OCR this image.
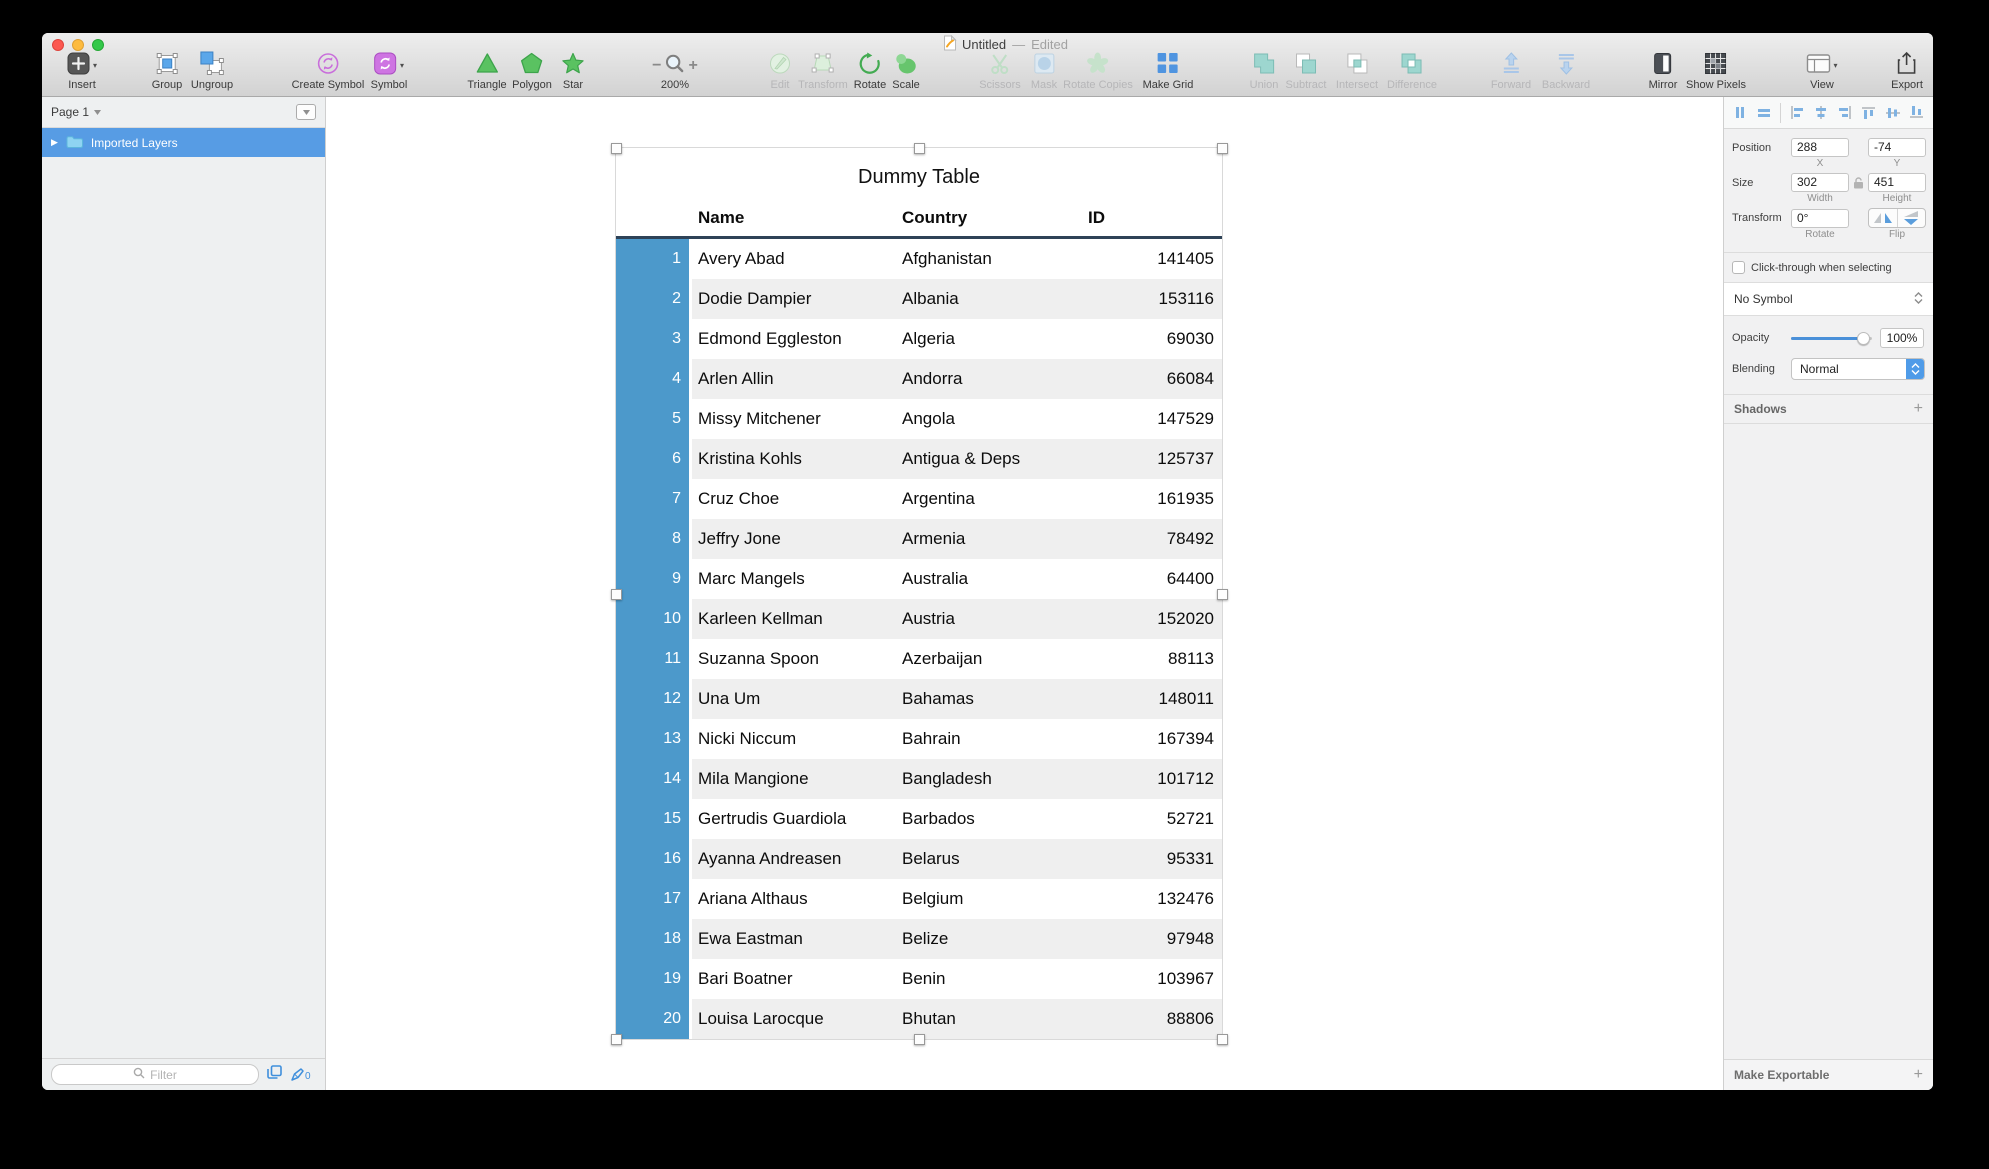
Untitled — Edited
▾
Insert	Group Ungroup	Create Symbol
▾
Symbol	Triangle Polygon Star
− +
200%	Edit Transform Rotate Scale	Scissors Mask Rotate Copies Make Grid	Union Subtract Intersect Difference	Forward Backward	Mirror Show Pixels
▾
View	Export
Page 1
▶	Imported Layers
Filter	0
Dummy Table
Name	Country	ID
1	Avery Abad	Afghanistan	141405
2	Dodie Dampier	Albania	153116
3	Edmond Eggleston	Algeria	69030
4	Arlen Allin	Andorra	66084
5	Missy Mitchener	Angola	147529
6	Kristina Kohls	Antigua & Deps	125737
7	Cruz Choe	Argentina	161935
8	Jeffry Jone	Armenia	78492
9	Marc Mangels	Australia	64400
10	Karleen Kellman	Austria	152020
11	Suzanna Spoon	Azerbaijan	88113
12	Una Um	Bahamas	148011
13	Nicki Niccum	Bahrain	167394
14	Mila Mangione	Bangladesh	101712
15	Gertrudis Guardiola	Barbados	52721
16	Ayanna Andreasen	Belarus	95331
17	Ariana Althaus	Belgium	132476
18	Ewa Eastman	Belize	97948
19	Bari Boatner	Benin	103967
20	Louisa Larocque	Bhutan	88806
Position	288	-74
X	Y
Size	302	451
Width	Height
Transform	0°
Rotate	Flip
Click-through when selecting
No Symbol
Opacity	100%
Blending	Normal
Shadows	+
Make Exportable	+
